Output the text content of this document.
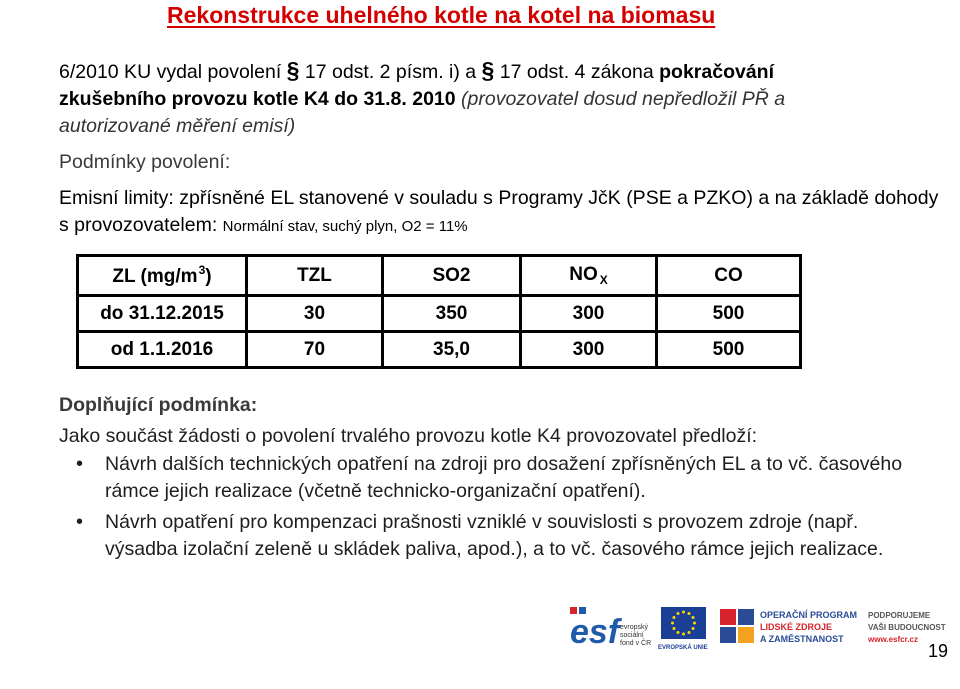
Rekonstrukce uhelného kotle na kotel na biomasu
6/2010 KU vydal povolení § 17 odst. 2 písm. i) a § 17 odst. 4 zákona pokračování
zkušebního provozu kotle K4 do 31.8. 2010 (provozovatel dosud nepředložil PŘ a
autorizované měření emisí)
Podmínky povolení:
Emisní limity: zpřísněné EL stanovené v souladu s Programy JčK (PSE a PZKO) a na základě dohody s provozovatelem: Normální stav, suchý plyn, O2 = 11%
ZL $(mg/m^3)$	TZL	SO2	NO $_X$	CO
do 31.12.2015	30	350	300	500
od 1.1.2016	70	35,0	300	500
Doplňující podmínka:
Jako součást žádosti o povolení trvalého provozu kotle K4 provozovatel předloží:
• Návrh dalších technických opatření na zdroji pro dosažení zpřísněných EL a to vč. časového rámce jejich realizace (včetně technicko-organizační opatření).
• Návrh opatření pro kompenzaci prašnosti vzniklé v souvislosti s provozem zdroje (např. výsadba izolační zeleně u skládek paliva, apod.), a to vč. časového rámce jejich realizace.
esf evropský
sociální
fond v ČR
EVROPSKÁ UNIE
OPERAČNÍ PROGRAM
LIDSKÉ ZDROJE
A ZAMĚSTNANOST
PODPORUJEME
VAŠI BUDOUCNOST
www.esfcr.cz
19
